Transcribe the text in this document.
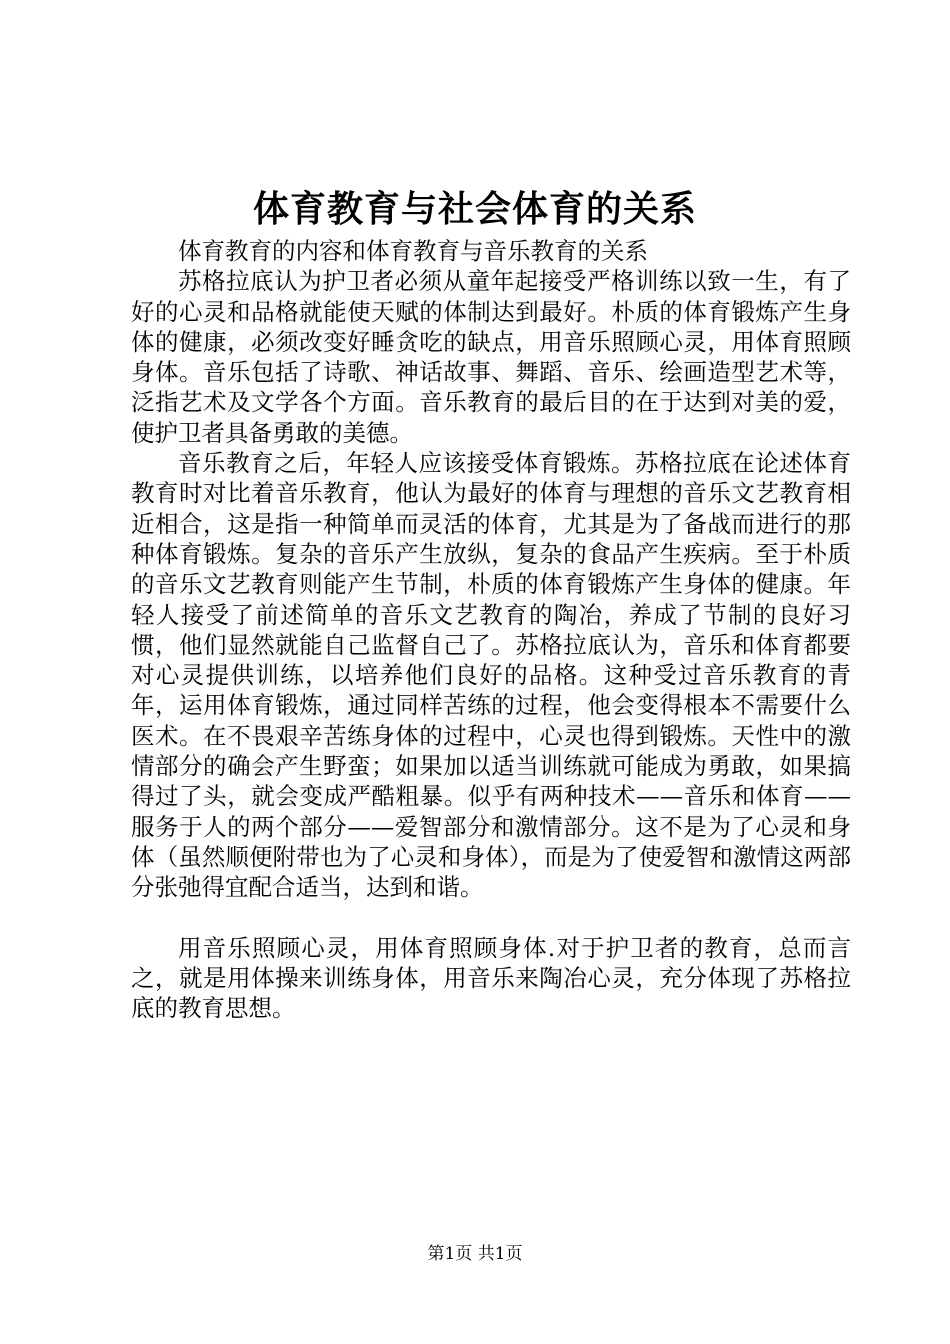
体育教育与社会体育的关系

体育教育的内容和体育教育与音乐教育的关系

苏格拉底认为护卫者必须从童年起接受严格训练以致一生，有了好的心灵和品格就能使天赋的体制达到最好。朴质的体育锻炼产生身体的健康，必须改变好睡贪吃的缺点，用音乐照顾心灵，用体育照顾身体。音乐包括了诗歌、神话故事、舞蹈、音乐、绘画造型艺术等，泛指艺术及文学各个方面。音乐教育的最后目的在于达到对美的爱，使护卫者具备勇敢的美德。

音乐教育之后，年轻人应该接受体育锻炼。苏格拉底在论述体育教育时对比着音乐教育，他认为最好的体育与理想的音乐文艺教育相近相合，这是指一种简单而灵活的体育，尤其是为了备战而进行的那种体育锻炼。复杂的音乐产生放纵，复杂的食品产生疾病。至于朴质的音乐文艺教育则能产生节制，朴质的体育锻炼产生身体的健康。年轻人接受了前述简单的音乐文艺教育的陶冶，养成了节制的良好习惯，他们显然就能自己监督自己了。苏格拉底认为，音乐和体育都要对心灵提供训练，以培养他们良好的品格。这种受过音乐教育的青年，运用体育锻炼，通过同样苦练的过程，他会变得根本不需要什么医术。在不畏艰辛苦练身体的过程中，心灵也得到锻炼。天性中的激情部分的确会产生野蛮；如果加以适当训练就可能成为勇敢，如果搞得过了头，就会变成严酷粗暴。似乎有两种技术——音乐和体育——服务于人的两个部分——爱智部分和激情部分。这不是为了心灵和身体（虽然顺便附带也为了心灵和身体），而是为了使爱智和激情这两部分张弛得宜配合适当，达到和谐。

用音乐照顾心灵，用体育照顾身体.对于护卫者的教育，总而言之，就是用体操来训练身体，用音乐来陶冶心灵，充分体现了苏格拉底的教育思想。

第1页 共1页
